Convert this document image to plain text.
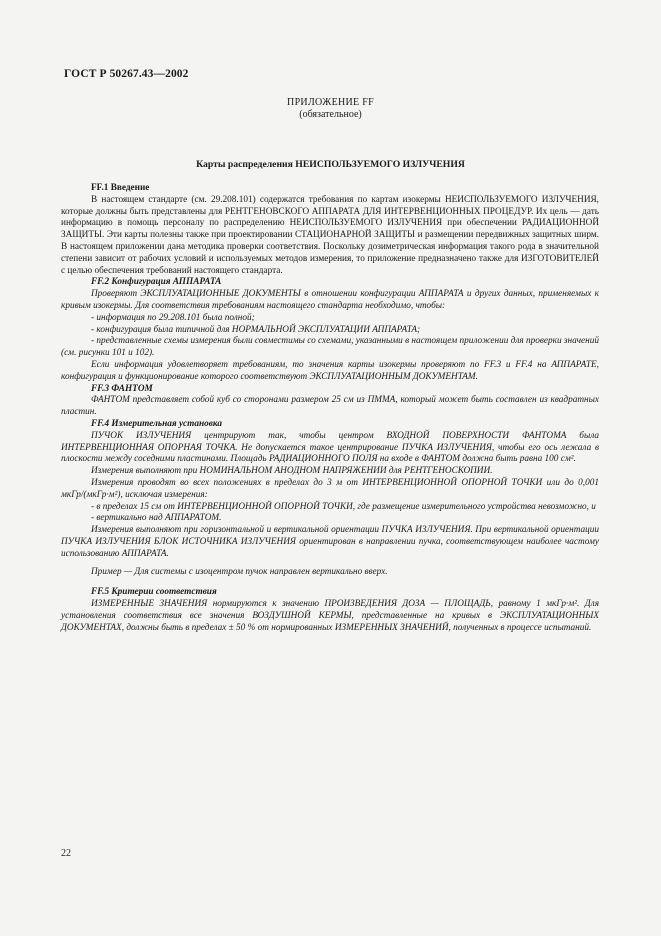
ГОСТ Р 50267.43—2002
ПРИЛОЖЕНИЕ FF
(обязательное)
Карты распределения НЕИСПОЛЬЗУЕМОГО ИЗЛУЧЕНИЯ

FF.1 Введение

В настоящем стандарте (см. 29.208.101) содержатся требования по картам изокермы НЕИСПОЛЬЗУЕМОГО ИЗЛУЧЕНИЯ, которые должны быть представлены для РЕНТГЕНОВСКОГО АППАРАТА ДЛЯ ИНТЕРВЕНЦИОННЫХ ПРОЦЕДУР. Их цель — дать информацию в помощь персоналу по распределению НЕИСПОЛЬЗУЕМОГО ИЗЛУЧЕНИЯ при обеспечении РАДИАЦИОННОЙ ЗАЩИТЫ. Эти карты полезны также при проектировании СТАЦИОНАРНОЙ ЗАЩИТЫ и размещении передвижных защитных ширм. В настоящем приложении дана методика проверки соответствия. Поскольку дозиметрическая информация такого рода в значительной степени зависит от рабочих условий и используемых методов измерения, то приложение предназначено также для ИЗГОТОВИТЕЛЕЙ с целью обеспечения требований настоящего стандарта.

FF.2 Конфигурация АППАРАТА

Проверяют ЭКСПЛУАТАЦИОННЫЕ ДОКУМЕНТЫ в отношении конфигурации АППАРАТА и других данных, применяемых к кривым изокермы. Для соответствия требованиям настоящего стандарта необходимо, чтобы:

- информация по 29.208.101 была полной;

- конфигурация была типичной для НОРМАЛЬНОЙ ЭКСПЛУАТАЦИИ АППАРАТА;

- представленные схемы измерения были совместимы со схемами, указанными в настоящем приложении для проверки значений (см. рисунки 101 и 102).

Если информация удовлетворяет требованиям, то значения карты изокермы проверяют по FF.3 и FF.4 на АППАРАТЕ, конфигурация и функционирование которого соответствуют ЭКСПЛУАТАЦИОННЫМ ДОКУМЕНТАМ.

FF.3 ФАНТОМ

ФАНТОМ представляет собой куб со сторонами размером 25 см из ПММА, который может быть составлен из квадратных пластин.

FF.4 Измерительная установка

ПУЧОК ИЗЛУЧЕНИЯ центрируют так, чтобы центром ВХОДНОЙ ПОВЕРХНОСТИ ФАНТОМА была ИНТЕРВЕНЦИОННАЯ ОПОРНАЯ ТОЧКА. Не допускается такое центрирование ПУЧКА ИЗЛУЧЕНИЯ, чтобы его ось лежала в плоскости между соседними пластинами. Площадь РАДИАЦИОННОГО ПОЛЯ на входе в ФАНТОМ должна быть равна 100 см².

Измерения выполняют при НОМИНАЛЬНОМ АНОДНОМ НАПРЯЖЕНИИ для РЕНТГЕНОСКОПИИ.

Измерения проводят во всех положениях в пределах до 3 м от ИНТЕРВЕНЦИОННОЙ ОПОРНОЙ ТОЧКИ или до 0,001 мкГр/(мкГр·м²), исключая измерения:

- в пределах 15 см от ИНТЕРВЕНЦИОННОЙ ОПОРНОЙ ТОЧКИ, где размещение измерительного устройства невозможно, и

- вертикально над АППАРАТОМ.

Измерения выполняют при горизонтальной и вертикальной ориентации ПУЧКА ИЗЛУЧЕНИЯ. При вертикальной ориентации ПУЧКА ИЗЛУЧЕНИЯ БЛОК ИСТОЧНИКА ИЗЛУЧЕНИЯ ориентирован в направлении пучка, соответствующем наиболее частому использованию АППАРАТА.

Пример — Для системы с изоцентром пучок направлен вертикально вверх.

FF.5 Критерии соответствия

ИЗМЕРЕННЫЕ ЗНАЧЕНИЯ нормируются к значению ПРОИЗВЕДЕНИЯ ДОЗА — ПЛОЩАДЬ, равному 1 мкГр·м². Для установления соответствия все значения ВОЗДУШНОЙ КЕРМЫ, представленные на кривых в ЭКСПЛУАТАЦИОННЫХ ДОКУМЕНТАХ, должны быть в пределах ± 50 % от нормированных ИЗМЕРЕННЫХ ЗНАЧЕНИЙ, полученных в процессе испытаний.

22
